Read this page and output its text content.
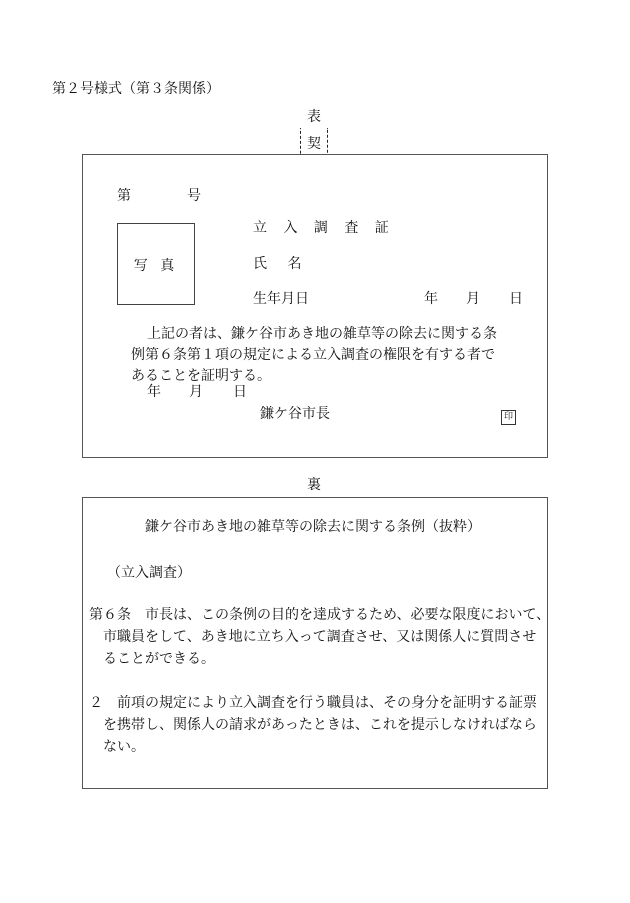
第２号様式（第３条関係）
表
契
第	号
写 真
立 入 調 査 証
氏 名
生年月日	年 月 日
上記の者は、鎌ケ谷市あき地の雑草等の除去に関する条
例第６条第１項の規定による立入調査の権限を有する者で
あることを証明する。
年 月 日
鎌ケ谷市長	印
裏
鎌ケ谷市あき地の雑草等の除去に関する条例（抜粋）
（立入調査）
第６条　市長は、この条例の目的を達成するため、必要な限度において、
市職員をして、あき地に立ち入って調査させ、又は関係人に質問させ
ることができる。
２　前項の規定により立入調査を行う職員は、その身分を証明する証票
を携帯し、関係人の請求があったときは、これを提示しなければなら
ない。
